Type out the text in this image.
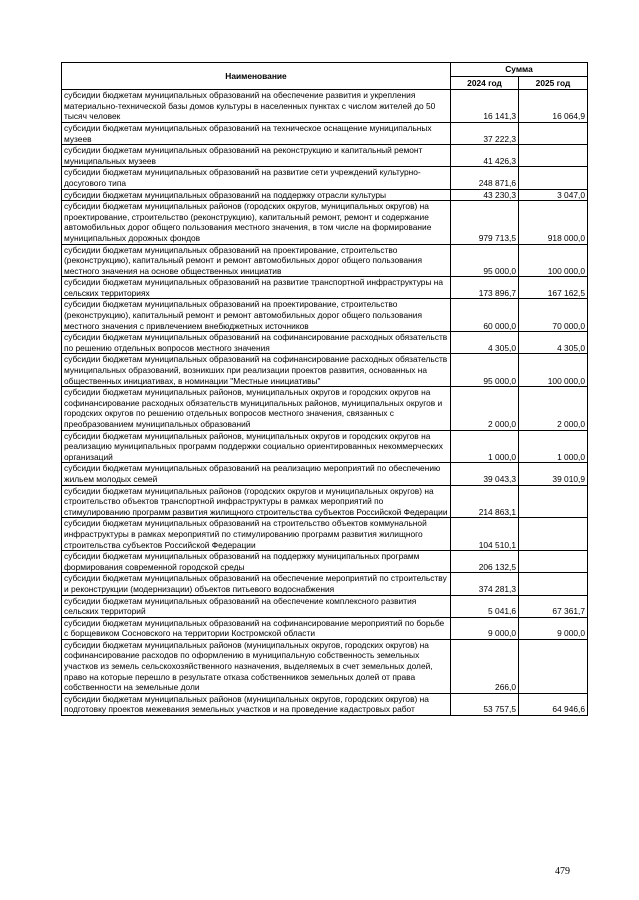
Наименование	Сумма	
	2024 год	2025 год
субсидии бюджетам муниципальных образований на обеспечение развития и укрепления материально-технической базы домов культуры в населенных пунктах с числом жителей до 50 тысяч человек	16 141,3	16 064,9
субсидии бюджетам муниципальных образований на техническое оснащение муниципальных музеев	37 222,3	
субсидии бюджетам муниципальных образований на реконструкцию и капитальный ремонт муниципальных музеев	41 426,3	
субсидии бюджетам муниципальных образований на развитие сети учреждений культурно-досугового типа	248 871,6	
субсидии бюджетам муниципальных образований на поддержку отрасли культуры	43 230,3	3 047,0
субсидии бюджетам муниципальных районов (городских округов, муниципальных округов) на проектирование, строительство (реконструкцию), капитальный ремонт, ремонт и содержание автомобильных дорог общего пользования местного значения, в том числе на формирование муниципальных дорожных фондов	979 713,5	918 000,0
субсидии бюджетам муниципальных образований на проектирование, строительство (реконструкцию), капитальный ремонт и ремонт автомобильных дорог общего пользования местного значения на основе общественных инициатив	95 000,0	100 000,0
субсидии бюджетам муниципальных образований на развитие транспортной инфраструктуры на сельских территориях	173 896,7	167 162,5
субсидии бюджетам муниципальных образований на проектирование, строительство (реконструкцию), капитальный ремонт и ремонт автомобильных дорог общего пользования местного значения с привлечением внебюджетных источников	60 000,0	70 000,0
субсидии бюджетам муниципальных образований на софинансирование расходных обязательств по решению отдельных вопросов местного значения	4 305,0	4 305,0
субсидии бюджетам муниципальных образований на софинансирование расходных обязательств муниципальных образований, возникших при реализации проектов развития, основанных на общественных инициативах, в номинации "Местные инициативы"	95 000,0	100 000,0
субсидии бюджетам муниципальных районов, муниципальных округов и городских округов на софинансирование расходных обязательств муниципальных районов, муниципальных округов и городских округов по решению отдельных вопросов местного значения, связанных с преобразованием муниципальных образований	2 000,0	2 000,0
субсидии бюджетам муниципальных районов, муниципальных округов и городских округов на реализацию муниципальных программ поддержки социально ориентированных некоммерческих организаций	1 000,0	1 000,0
субсидии бюджетам муниципальных образований на реализацию мероприятий по обеспечению жильем молодых семей	39 043,3	39 010,9
субсидии бюджетам муниципальных районов (городских округов и муниципальных округов) на строительство объектов транспортной инфраструктуры в рамках мероприятий по стимулированию программ развития жилищного строительства субъектов Российской Федерации	214 863,1	
субсидии бюджетам муниципальных образований на строительство объектов коммунальной инфраструктуры в рамках мероприятий по стимулированию программ развития жилищного строительства субъектов Российской Федерации	104 510,1	
субсидии бюджетам муниципальных образований на поддержку муниципальных программ формирования современной городской среды	206 132,5	
субсидии бюджетам муниципальных образований на обеспечение мероприятий по строительству и реконструкции (модернизации) объектов питьевого водоснабжения	374 281,3	
субсидии бюджетам муниципальных образований на обеспечение комплексного развития сельских территорий	5 041,6	67 361,7
субсидии бюджетам муниципальных образований на софинансирование мероприятий по борьбе с борщевиком Сосновского на территории Костромской области	9 000,0	9 000,0
субсидии бюджетам муниципальных районов (муниципальных округов, городских округов) на софинансирование расходов по оформлению в муниципальную собственность земельных участков из земель сельскохозяйственного назначения, выделяемых в счет земельных долей, право на которые перешло в результате отказа собственников земельных долей от права собственности на земельные доли	266,0	
субсидии бюджетам муниципальных районов (муниципальных округов, городских округов) на подготовку проектов межевания земельных участков и на проведение кадастровых работ	53 757,5	64 946,6
479
